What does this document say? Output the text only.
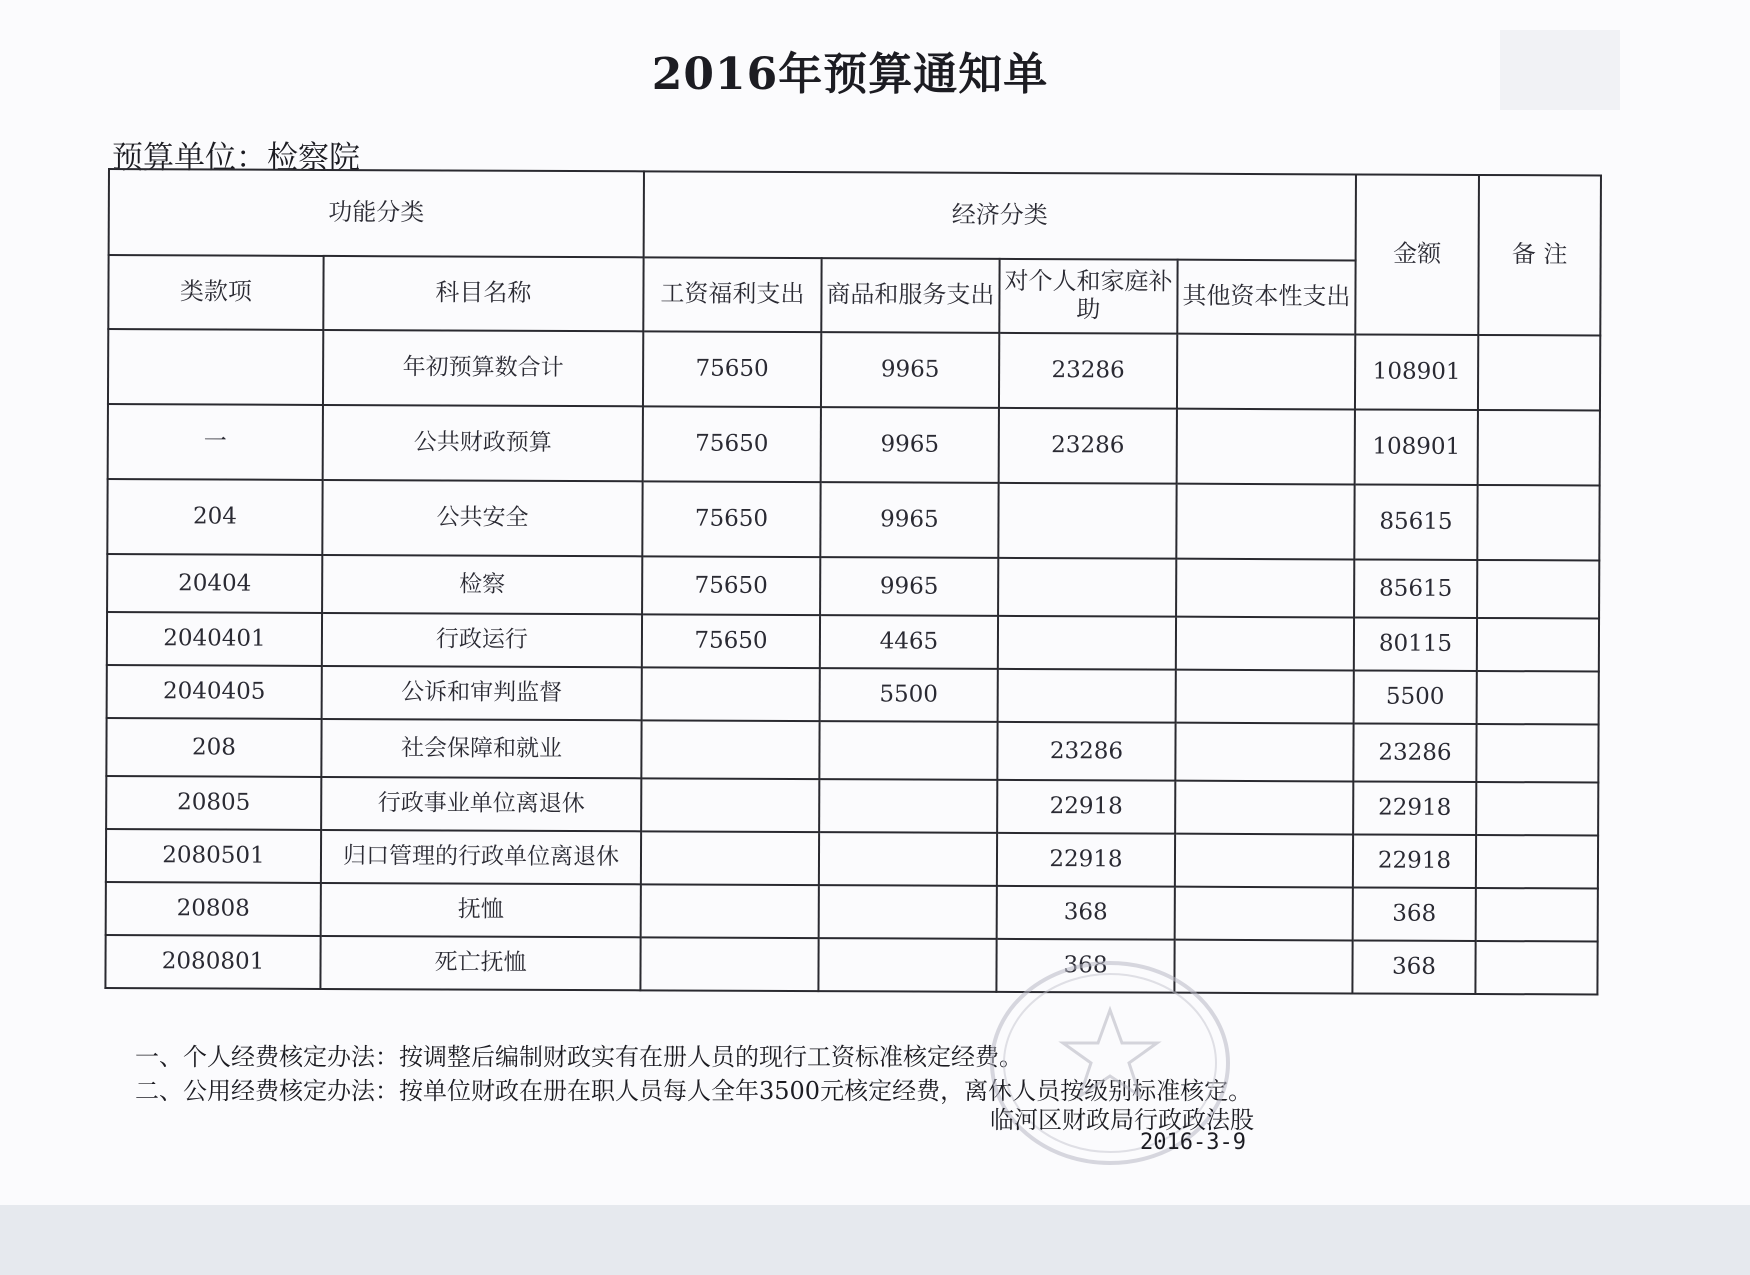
2016年预算通知单
预算单位：检察院
功能分类		经济分类				金额	备 注
类款项	科目名称	工资福利支出	商品和服务支出	对个人和家庭补助	其他资本性支出		
	年初预算数合计	75650	9965	23286		108901	
一	公共财政预算	75650	9965	23286		108901	
204	公共安全	75650	9965			85615	
20404	检察	75650	9965			85615	
2040401	行政运行	75650	4465			80115	
2040405	公诉和审判监督		5500			5500	
208	社会保障和就业			23286		23286	
20805	行政事业单位离退休			22918		22918	
2080501	归口管理的行政单位离退休			22918		22918	
20808	抚恤			368		368	
2080801	死亡抚恤			368		368	
一、个人经费核定办法：按调整后编制财政实有在册人员的现行工资标准核定经费。
二、公用经费核定办法：按单位财政在册在职人员每人全年3500元核定经费，离休人员按级别标准核定。
临河区财政局行政政法股
2016-3-9
